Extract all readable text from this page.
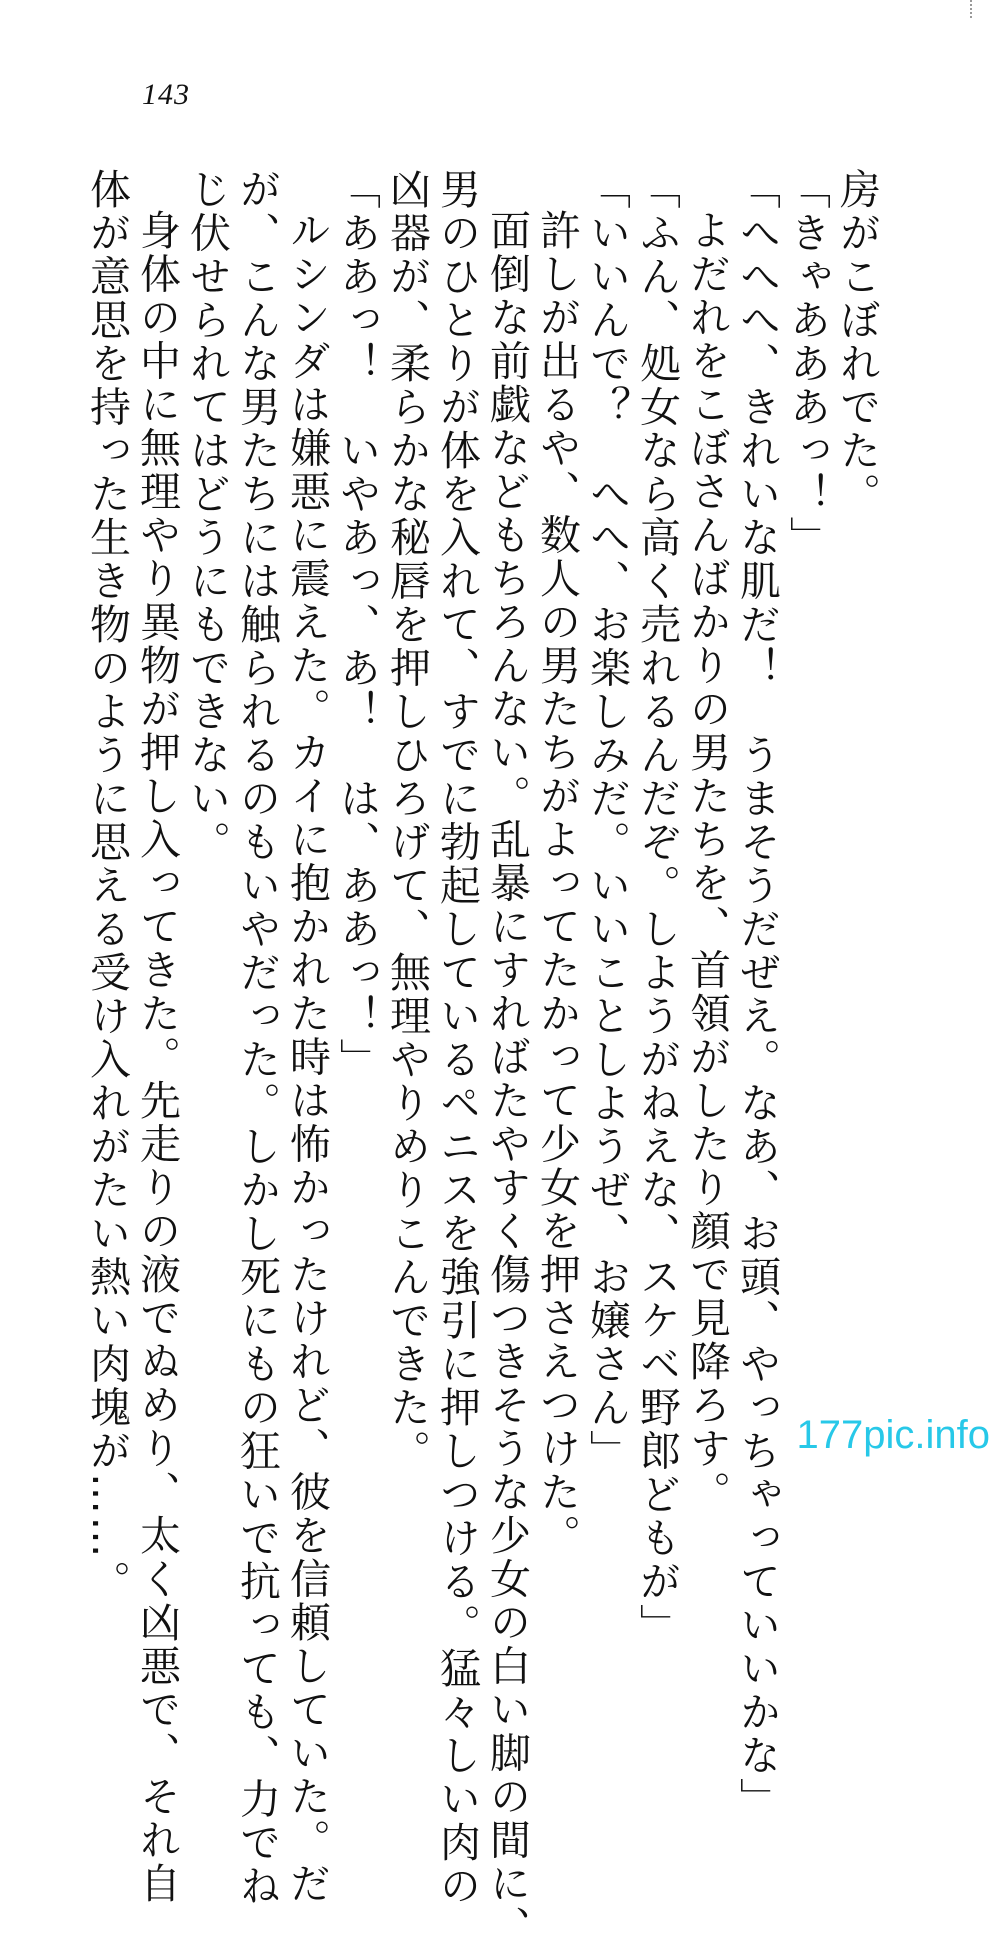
143
房がこぼれでた。
「きゃあああっ！」
「へへへ、きれいな肌だ！　うまそうだぜえ。なあ、お頭、やっちゃっていいかな」
よだれをこぼさんばかりの男たちを、首領がしたり顔で見降ろす。
「ふん、処女なら高く売れるんだぞ。しようがねえな、スケベ野郎どもが」
「いいんで？　へへ、お楽しみだ。いいことしようぜ、お嬢さん」
許しが出るや、数人の男たちがよってたかって少女を押さえつけた。
面倒な前戯などもちろんない。乱暴にすればたやすく傷つきそうな少女の白い脚の間に、
男のひとりが体を入れて、すでに勃起しているペニスを強引に押しつける。猛々しい肉の
凶器が、柔らかな秘唇を押しひろげて、無理やりめりこんできた。
「ああっ！　いやあっ、あ！　は、ああっ！」
ルシンダは嫌悪に震えた。カイに抱かれた時は怖かったけれど、彼を信頼していた。だ
が、こんな男たちには触られるのもいやだった。しかし死にもの狂いで抗っても、力でね
じ伏せられてはどうにもできない。
身体の中に無理やり異物が押し入ってきた。先走りの液でぬめり、太く凶悪で、それ自
体が意思を持った生き物のように思える受け入れがたい熱い肉塊が……。	177pic.info
